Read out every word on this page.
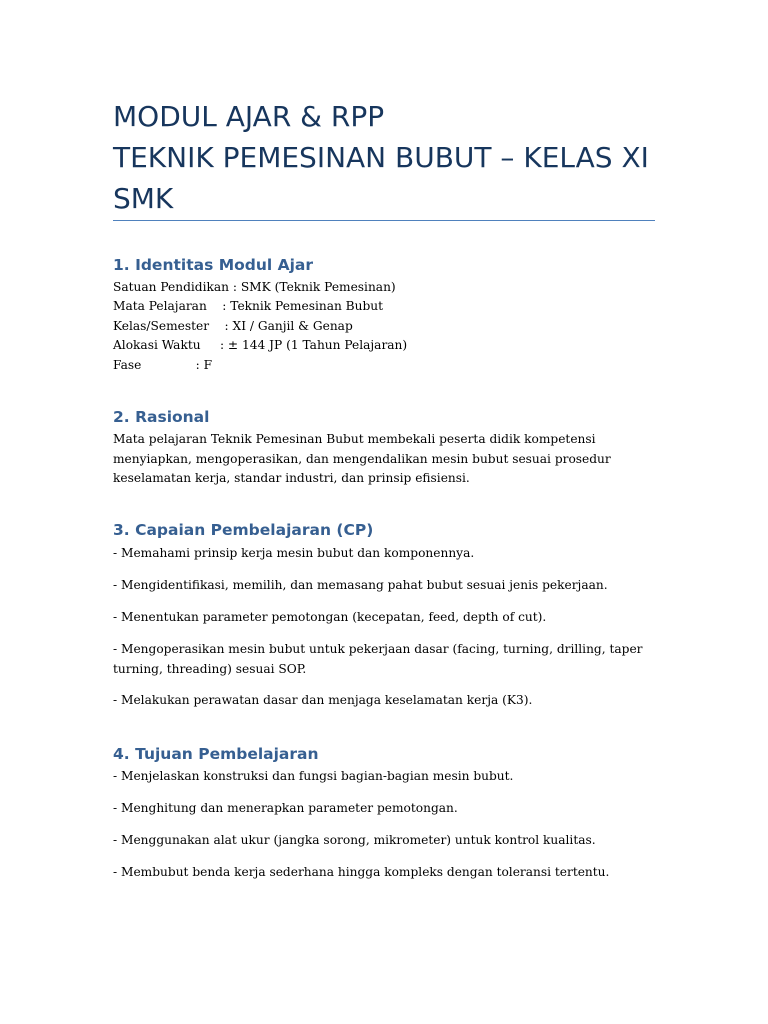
MODUL AJAR & RPP
TEKNIK PEMESINAN BUBUT – KELAS XI
SMK
1. Identitas Modul Ajar
Satuan Pendidikan : SMK (Teknik Pemesinan)
Mata Pelajaran    : Teknik Pemesinan Bubut
Kelas/Semester    : XI / Ganjil & Genap
Alokasi Waktu     : ± 144 JP (1 Tahun Pelajaran)
Fase              : F
2. Rasional

Mata pelajaran Teknik Pemesinan Bubut membekali peserta didik kompetensi menyiapkan, mengoperasikan, dan mengendalikan mesin bubut sesuai prosedur keselamatan kerja, standar industri, dan prinsip efisiensi.

3. Capaian Pembelajaran (CP)

- Memahami prinsip kerja mesin bubut dan komponennya.

- Mengidentifikasi, memilih, dan memasang pahat bubut sesuai jenis pekerjaan.

- Menentukan parameter pemotongan (kecepatan, feed, depth of cut).

- Mengoperasikan mesin bubut untuk pekerjaan dasar (facing, turning, drilling, taper turning, threading) sesuai SOP.

- Melakukan perawatan dasar dan menjaga keselamatan kerja (K3).

4. Tujuan Pembelajaran

- Menjelaskan konstruksi dan fungsi bagian-bagian mesin bubut.

- Menghitung dan menerapkan parameter pemotongan.

- Menggunakan alat ukur (jangka sorong, mikrometer) untuk kontrol kualitas.

- Membubut benda kerja sederhana hingga kompleks dengan toleransi tertentu.
